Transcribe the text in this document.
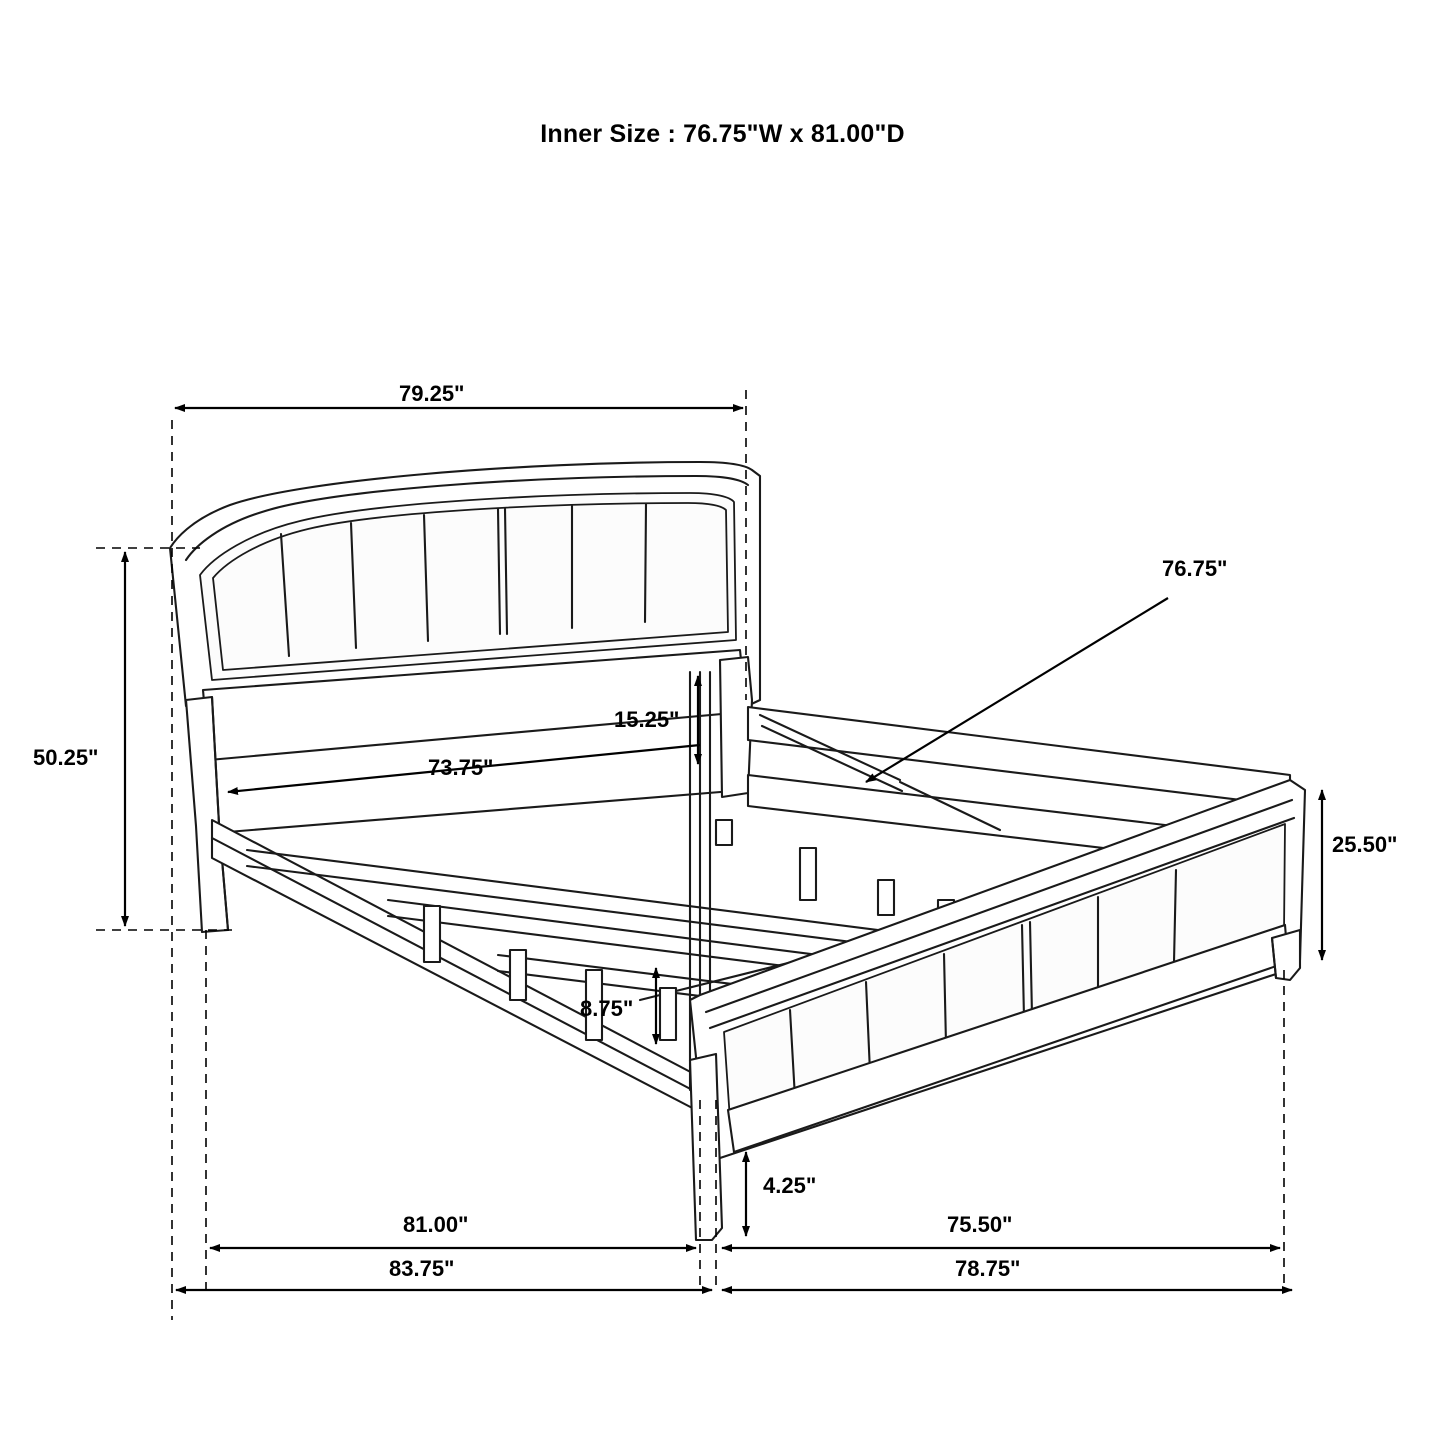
Inner Size : 76.75"W x 81.00"D
79.25"
50.25"
15.25"
73.75"
76.75"
25.50"
8.75"
4.25"
81.00"	75.50"
83.75"	78.75"
